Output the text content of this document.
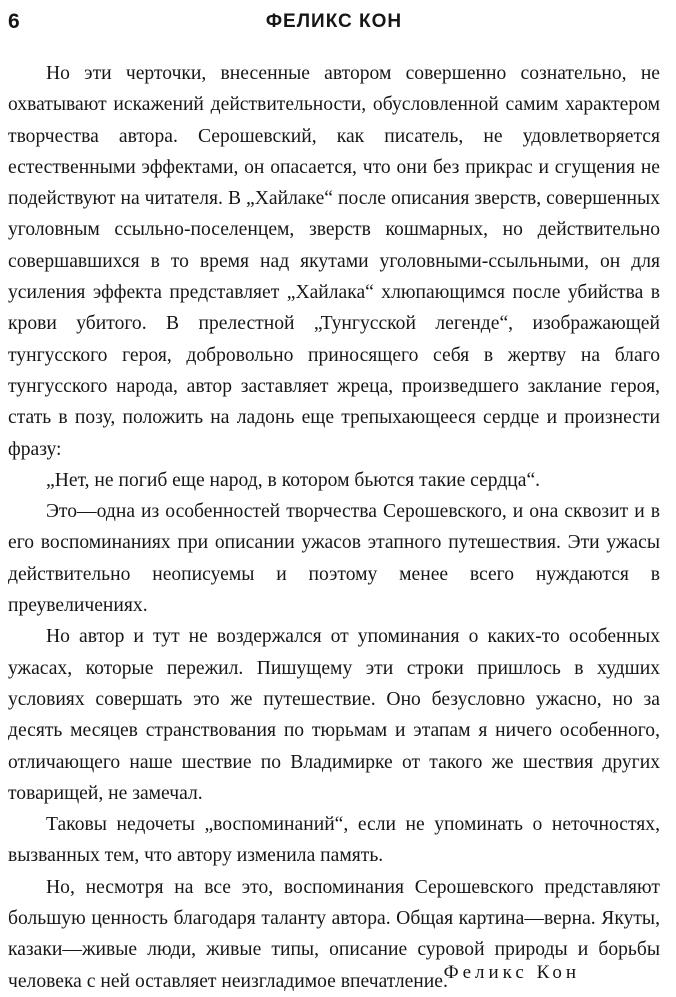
6	ФЕЛИКС КОН

Но эти черточки, внесенные автором совершенно сознательно, не охватывают искажений действительности, обусловленной самим характером творчества автора. Серошевский, как писатель, не удовлетворяется естественными эффектами, он опасается, что они без прикрас и сгущения не подействуют на читателя. В „Хайлаке“ после описания зверств, совершенных уголовным ссыльно-поселенцем, зверств кошмарных, но действительно совершавшихся в то время над якутами уголовными-ссыльными, он для усиления эффекта представляет „Хайлака“ хлюпающимся после убийства в крови убитого. В прелестной „Тунгусской легенде“, изображающей тунгусского героя, добровольно приносящего себя в жертву на благо тунгусского народа, автор заставляет жреца, произведшего заклание героя, стать в позу, положить на ладонь еще трепыхающееся сердце и произнести фразу:

„Нет, не погиб еще народ, в котором бьются такие сердца“.

Это—одна из особенностей творчества Серошевского, и она сквозит и в его воспоминаниях при описании ужасов этапного путешествия. Эти ужасы действительно неописуемы и поэтому менее всего нуждаются в преувеличениях.

Но автор и тут не воздержался от упоминания о каких-то особенных ужасах, которые пережил. Пишущему эти строки пришлось в худших условиях совершать это же путешествие. Оно безусловно ужасно, но за десять месяцев странствования по тюрьмам и этапам я ничего особенного, отличающего наше шествие по Владимирке от такого же шествия других товарищей, не замечал.

Таковы недочеты „воспоминаний“, если не упоминать о неточностях, вызванных тем, что автору изменила память.

Но, несмотря на все это, воспоминания Серошевского представляют большую ценность благодаря таланту автора. Общая картина—верна. Якуты, казаки—живые люди, живые типы, описание суровой природы и борьбы человека с ней оставляет неизгладимое впечатление.

Феликс Кон
